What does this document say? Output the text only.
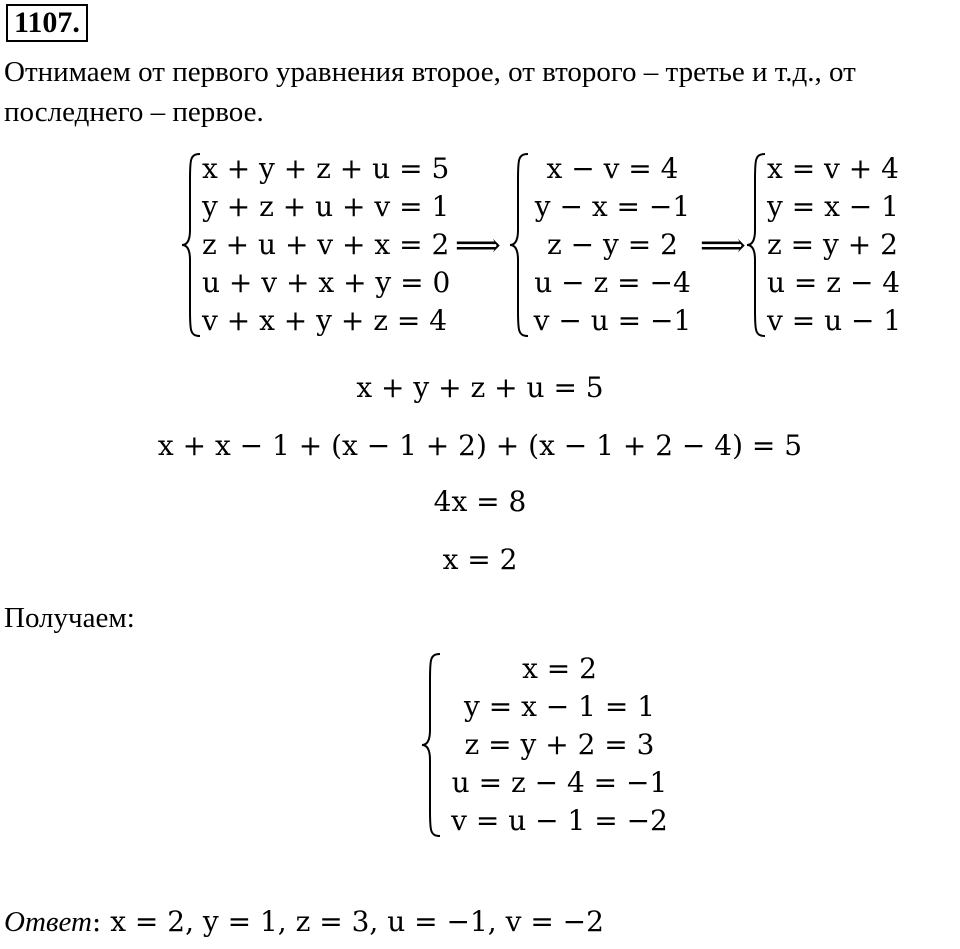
1107.
Отнимаем от первого уравнения второе, от второго – третье и т.д., от
последнего – первое.
x + y + z + u = 5
y + z + u + v = 1
z + u + v + x = 2
u + v + x + y = 0
v + x + y + z = 4
⟹
x − v = 4
y − x = −1
z − y = 2
u − z = −4
v − u = −1
⟹
x = v + 4
y = x − 1
z = y + 2
u = z − 4
v = u − 1
x + y + z + u = 5
x + x − 1 + (x − 1 + 2) + (x − 1 + 2 − 4) = 5
4x = 8
x = 2
Получаем:
x = 2
y = x − 1 = 1
z = y + 2 = 3
u = z − 4 = −1
v = u − 1 = −2
Ответ: x = 2, y = 1, z = 3, u = −1, v = −2
